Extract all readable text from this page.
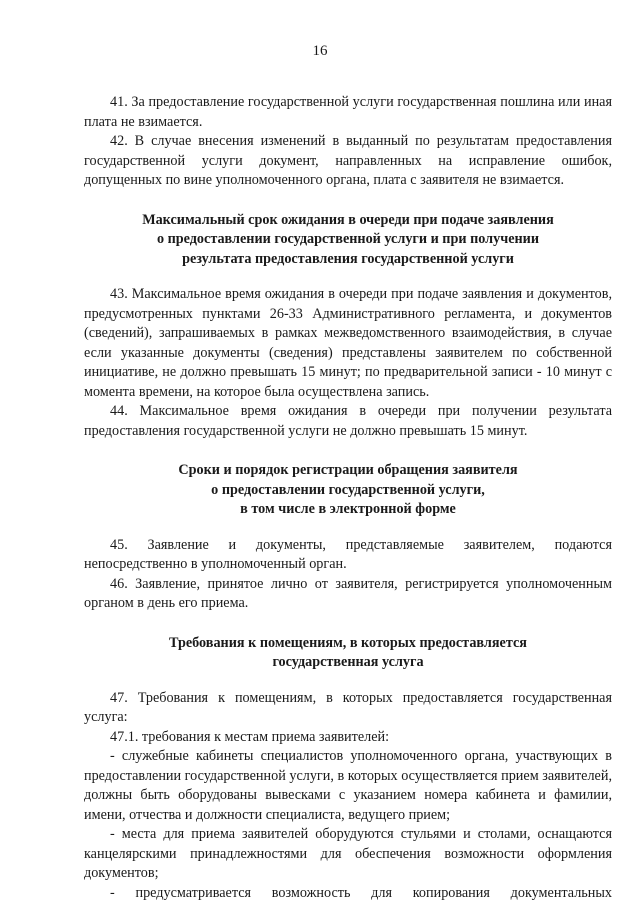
16

41. За предоставление государственной услуги государственная пошлина или иная плата не взимается.

42. В случае внесения изменений в выданный по результатам предоставления государственной услуги документ, направленных на исправление ошибок, допущенных по вине уполномоченного органа, плата с заявителя не взимается.

Максимальный срок ожидания в очереди при подаче заявления
о предоставлении государственной услуги и при получении
результата предоставления государственной услуги

43. Максимальное время ожидания в очереди при подаче заявления и документов, предусмотренных пунктами 26-33 Административного регламента, и документов (сведений), запрашиваемых в рамках межведомственного взаимодействия, в случае если указанные документы (сведения) представлены заявителем по собственной инициативе, не должно превышать 15 минут; по предварительной записи - 10 минут с момента времени, на которое была осуществлена запись.

44. Максимальное время ожидания в очереди при получении результата предоставления государственной услуги не должно превышать 15 минут.

Сроки и порядок регистрации обращения заявителя
о предоставлении государственной услуги,
в том числе в электронной форме

45. Заявление и документы, представляемые заявителем, подаются непосредственно в уполномоченный орган.

46. Заявление, принятое лично от заявителя, регистрируется уполномоченным органом в день его приема.

Требования к помещениям, в которых предоставляется
государственная услуга

47. Требования к помещениям, в которых предоставляется государственная услуга:

47.1. требования к местам приема заявителей:

- служебные кабинеты специалистов уполномоченного органа, участвующих в предоставлении государственной услуги, в которых осуществляется прием заявителей, должны быть оборудованы вывесками с указанием номера кабинета и фамилии, имени, отчества и должности специалиста, ведущего прием;

- места для приема заявителей оборудуются стульями и столами, оснащаются канцелярскими принадлежностями для обеспечения возможности оформления документов;

- предусматривается возможность для копирования документальных
